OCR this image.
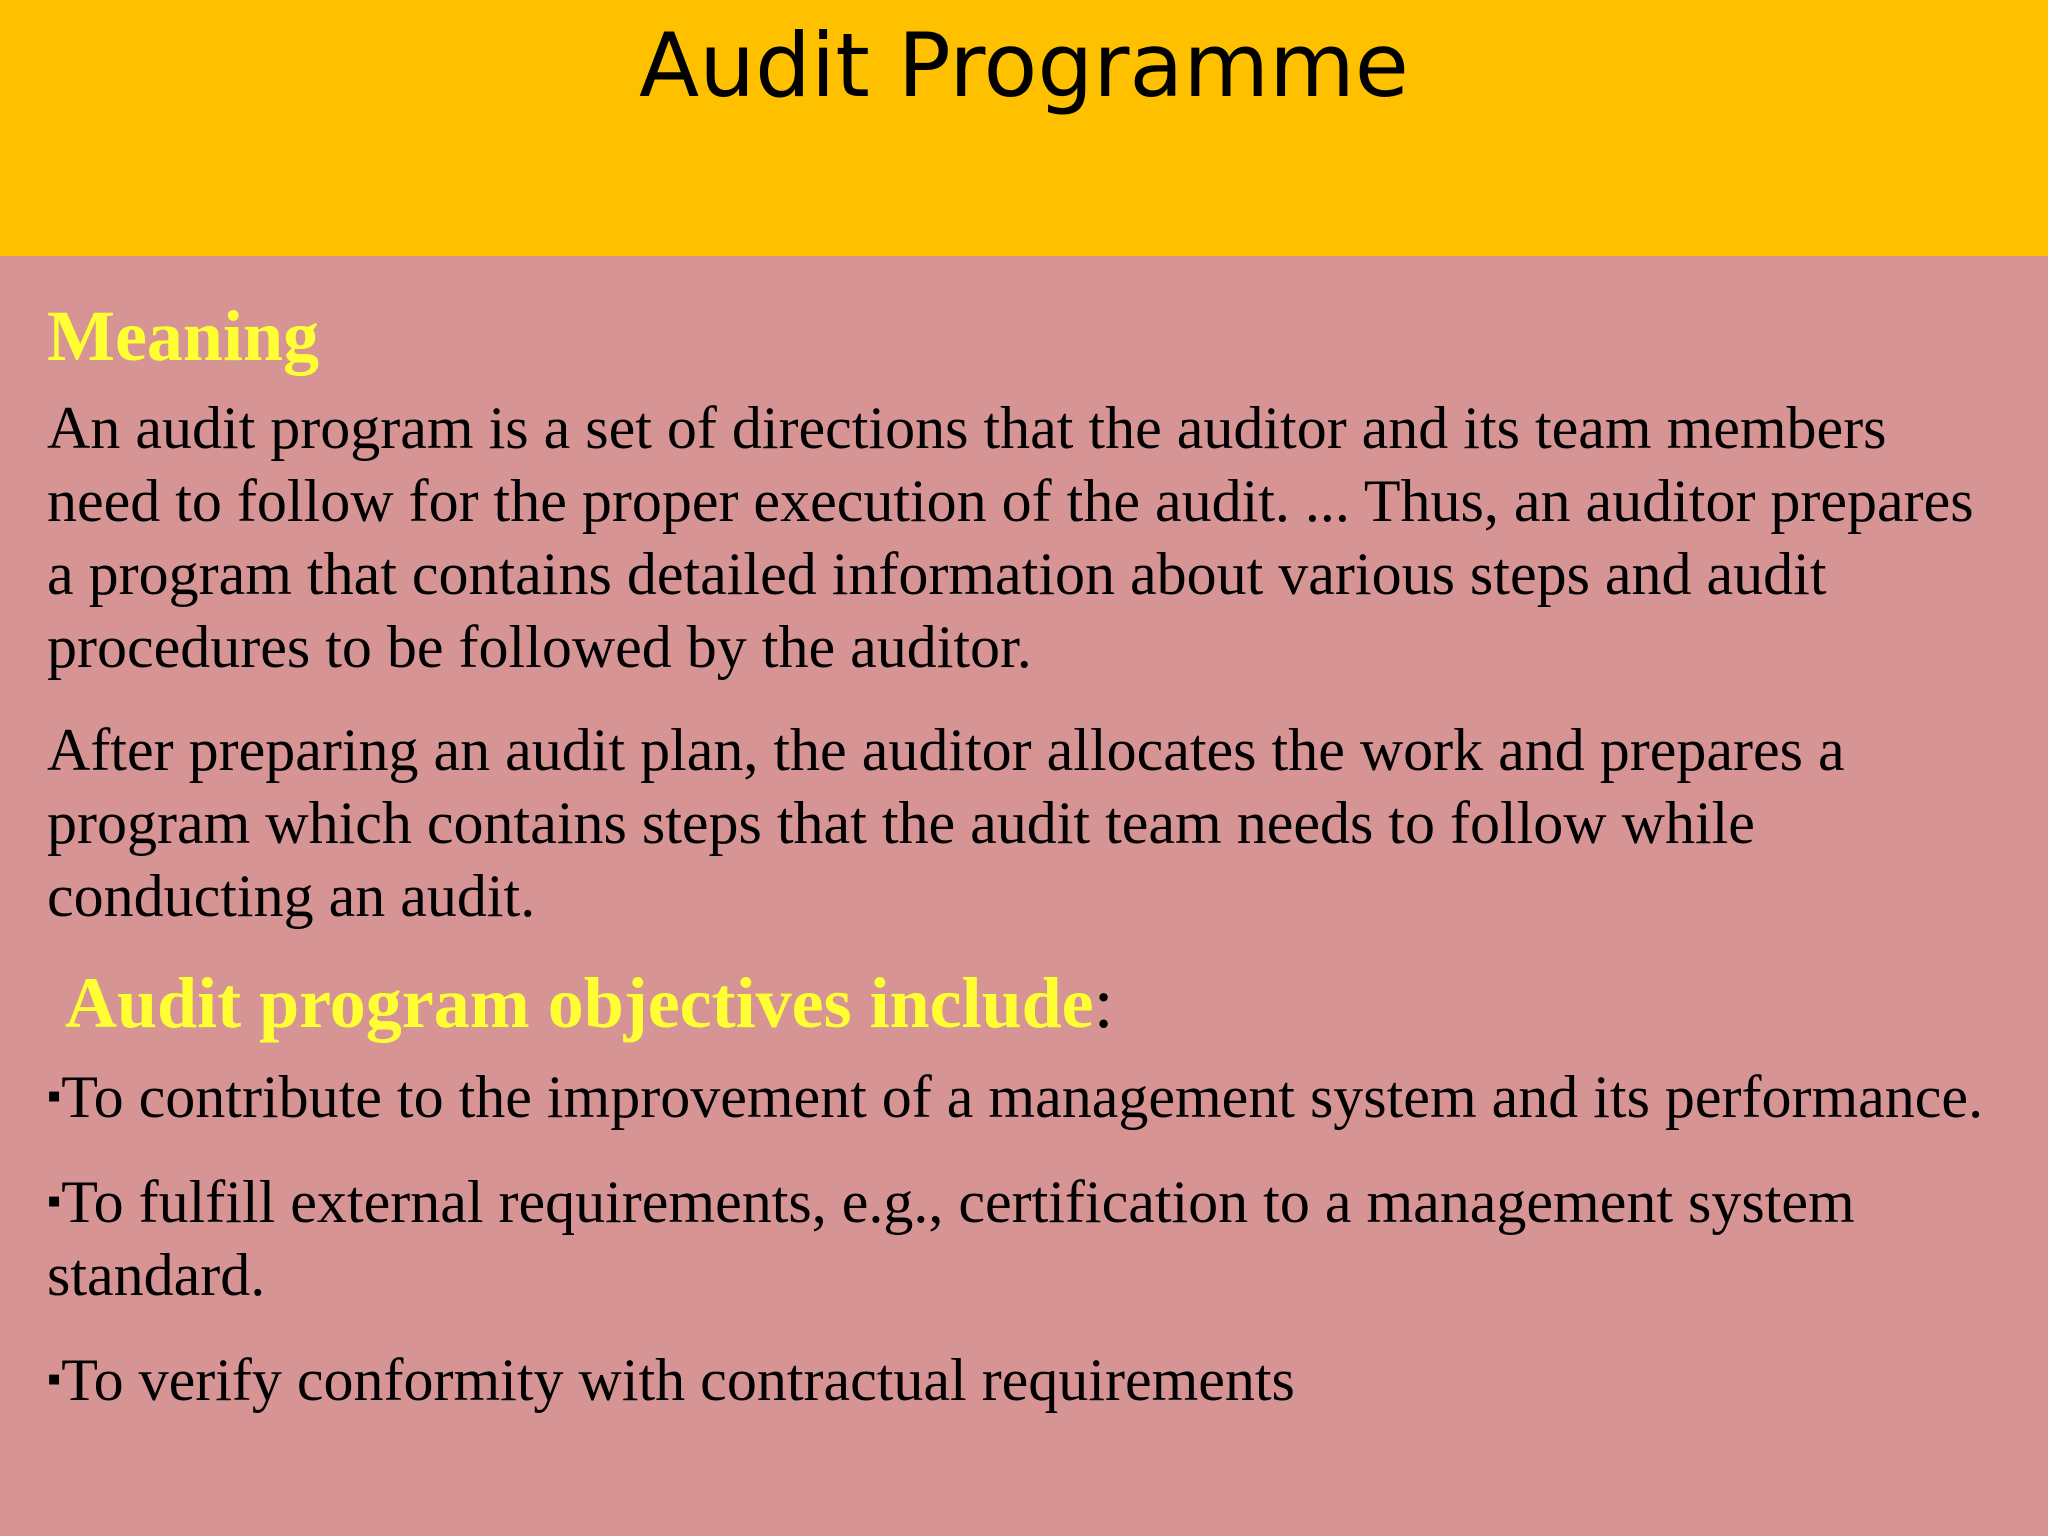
Audit Programme
Meaning

An audit program is a set of directions that the auditor and its team members need to follow for the proper execution of the audit. ... Thus, an auditor prepares a program that contains detailed information about various steps and audit procedures to be followed by the auditor.

After preparing an audit plan, the auditor allocates the work and prepares a program which contains steps that the audit team needs to follow while conducting an audit.

Audit program objectives include:
▪To contribute to the improvement of a management system and its performance.
▪To fulfill external requirements, e.g., certification to a management system standard.
▪To verify conformity with contractual requirements
